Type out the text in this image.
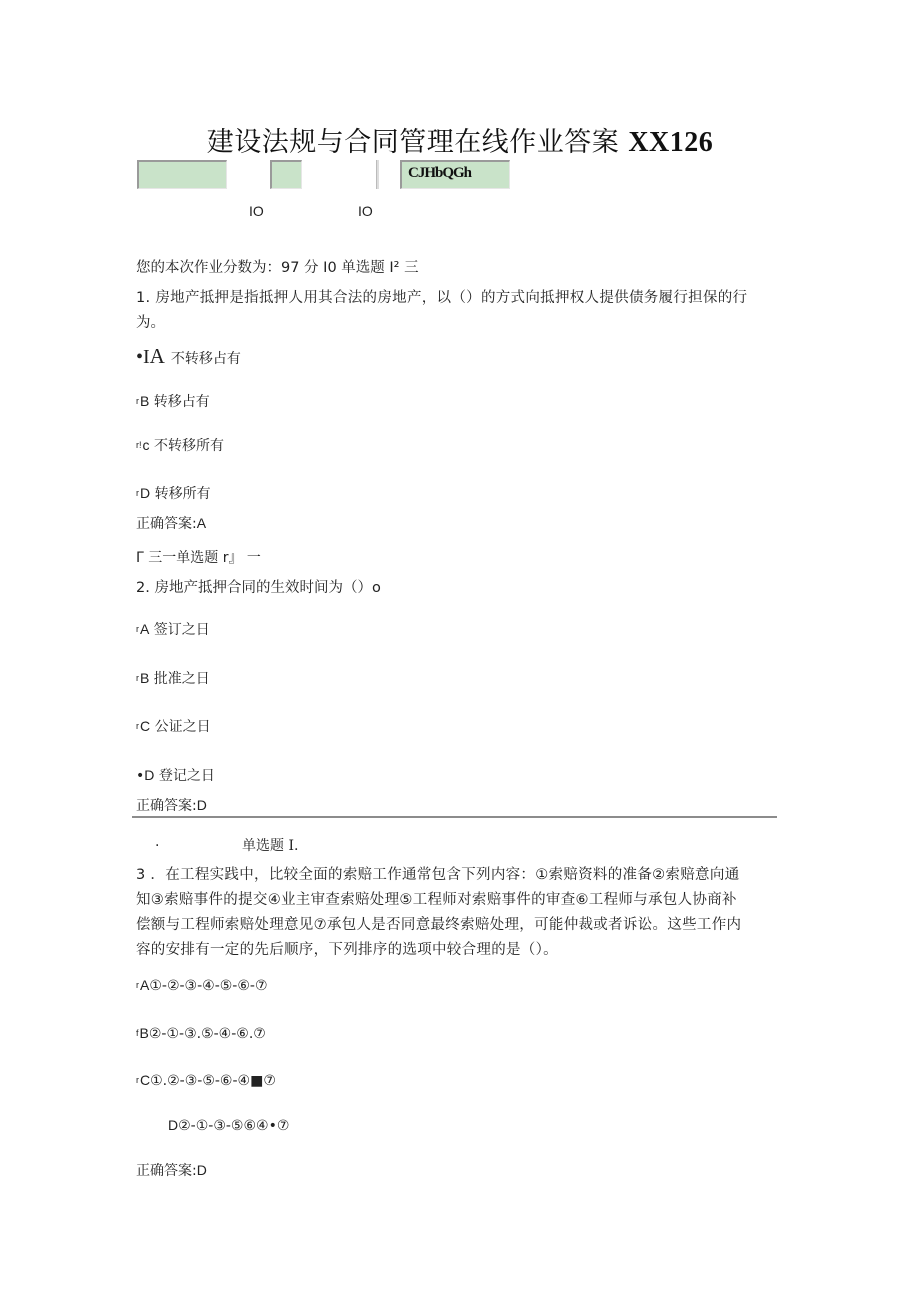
建设法规与合同管理在线作业答案 XX126
CJHbQGh
IO	IO
您的本次作业分数为：97 分 I0 单选题 I² 三
1. 房地产抵押是指抵押人用其合法的房地产，以（）的方式向抵押权人提供债务履行担保的行
为。
•IA 不转移占有
$^r$B 转移占有
$^{r!}$c 不转移所有
$^r$D 转移所有
正确答案:A
Γ 三一单选题 r』 一
2. 房地产抵押合同的生效时间为（）o
$^r$A 签订之日
$^r$B 批准之日
$^r$C 公证之日
•D 登记之日
正确答案:D
·	单选题 I.
3 ．在工程实践中，比较全面的索赔工作通常包含下列内容：①索赔资料的准备②索赔意向通
知③索赔事件的提交④业主审查索赔处理⑤工程师对索赔事件的审查⑥工程师与承包人协商补
偿额与工程师索赔处理意见⑦承包人是否同意最终索赔处理，可能仲裁或者诉讼。这些工作内
容的安排有一定的先后顺序，下列排序的选项中较合理的是（）。
$^r$A①-②-③-④-⑤-⑥-⑦
$^f$B②-①-③.⑤-④-⑥.⑦
$^r$C①.②-③-⑤-⑥-④■⑦
D②-①-③-⑤⑥④•⑦
正确答案:D
